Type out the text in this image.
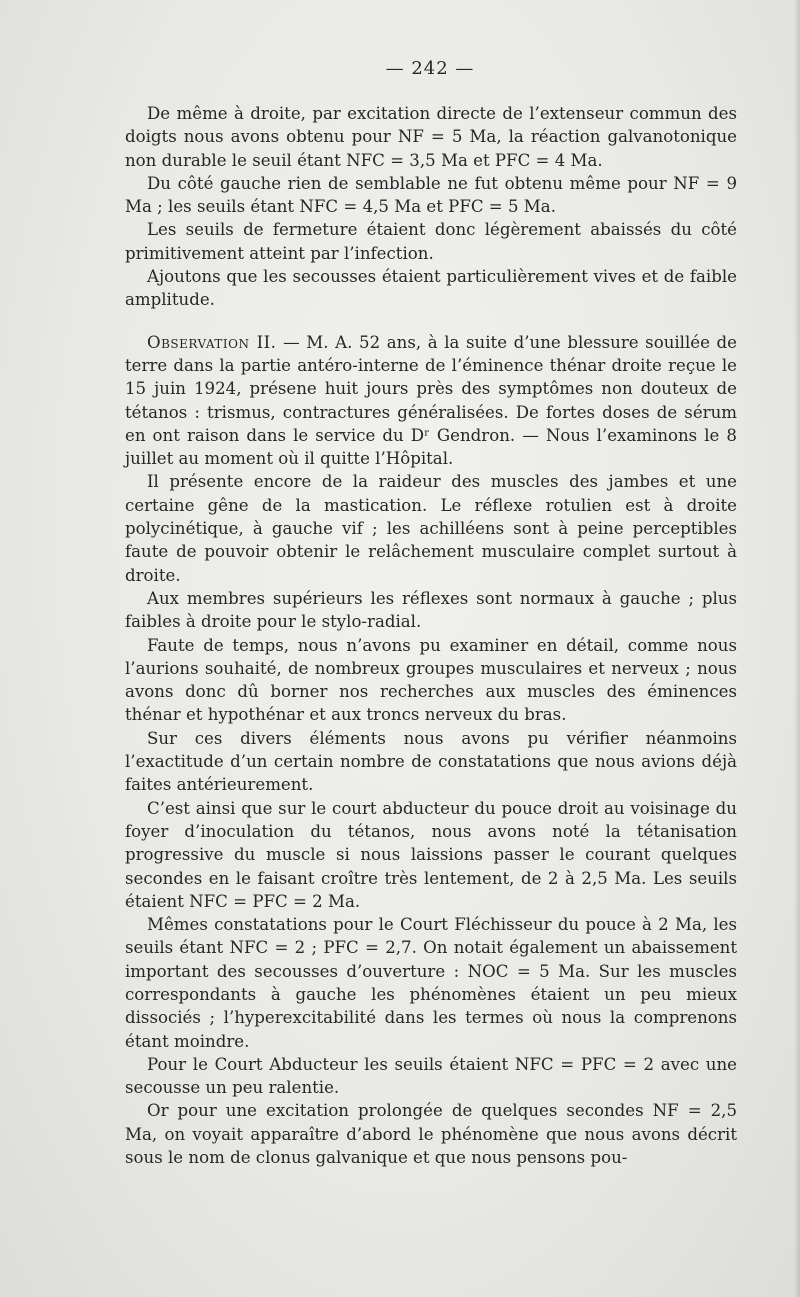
— 242 —

De même à droite, par excitation directe de l’extenseur commun des doigts nous avons obtenu pour NF = 5 Ma, la réaction galvanotonique non durable le seuil étant NFC = 3,5 Ma et PFC = 4 Ma.

Du côté gauche rien de semblable ne fut obtenu même pour NF = 9 Ma ; les seuils étant NFC = 4,5 Ma et PFC = 5 Ma.

Les seuils de fermeture étaient donc légèrement abaissés du côté primitivement atteint par l’infection.

Ajoutons que les secousses étaient particulièrement vives et de faible amplitude.

Observation II. — M. A. 52 ans, à la suite d’une blessure souillée de terre dans la partie antéro-interne de l’éminence thénar droite reçue le 15 juin 1924, présene huit jours près des symptômes non douteux de tétanos : trismus, contractures généralisées. De fortes doses de sérum en ont raison dans le service du Dʳ Gendron. — Nous l’examinons le 8 juillet au moment où il quitte l’Hôpital.

Il présente encore de la raideur des muscles des jambes et une certaine gêne de la mastication. Le réflexe rotulien est à droite polycinétique, à gauche vif ; les achilléens sont à peine perceptibles faute de pouvoir obtenir le relâchement musculaire complet surtout à droite.

Aux membres supérieurs les réflexes sont normaux à gauche ; plus faibles à droite pour le stylo-radial.

Faute de temps, nous n’avons pu examiner en détail, comme nous l’aurions souhaité, de nombreux groupes musculaires et nerveux ; nous avons donc dû borner nos recherches aux muscles des éminences thénar et hypothénar et aux troncs nerveux du bras.

Sur ces divers éléments nous avons pu vérifier néanmoins l’exactitude d’un certain nombre de constatations que nous avions déjà faites antérieurement.

C’est ainsi que sur le court abducteur du pouce droit au voisinage du foyer d’inoculation du tétanos, nous avons noté la tétanisation progressive du muscle si nous laissions passer le courant quelques secondes en le faisant croître très lentement, de 2 à 2,5 Ma. Les seuils étaient NFC = PFC = 2 Ma.

Mêmes constatations pour le Court Fléchisseur du pouce à 2 Ma, les seuils étant NFC = 2 ; PFC = 2,7. On notait également un abaissement important des secousses d’ouverture : NOC = 5 Ma. Sur les muscles correspondants à gauche les phénomènes étaient un peu mieux dissociés ; l’hyperexcitabilité dans les termes où nous la comprenons étant moindre.

Pour le Court Abducteur les seuils étaient NFC = PFC = 2 avec une secousse un peu ralentie.

Or pour une excitation prolongée de quelques secondes NF = 2,5 Ma, on voyait apparaître d’abord le phénomène que nous avons décrit sous le nom de clonus galvanique et que nous pensons pou-
